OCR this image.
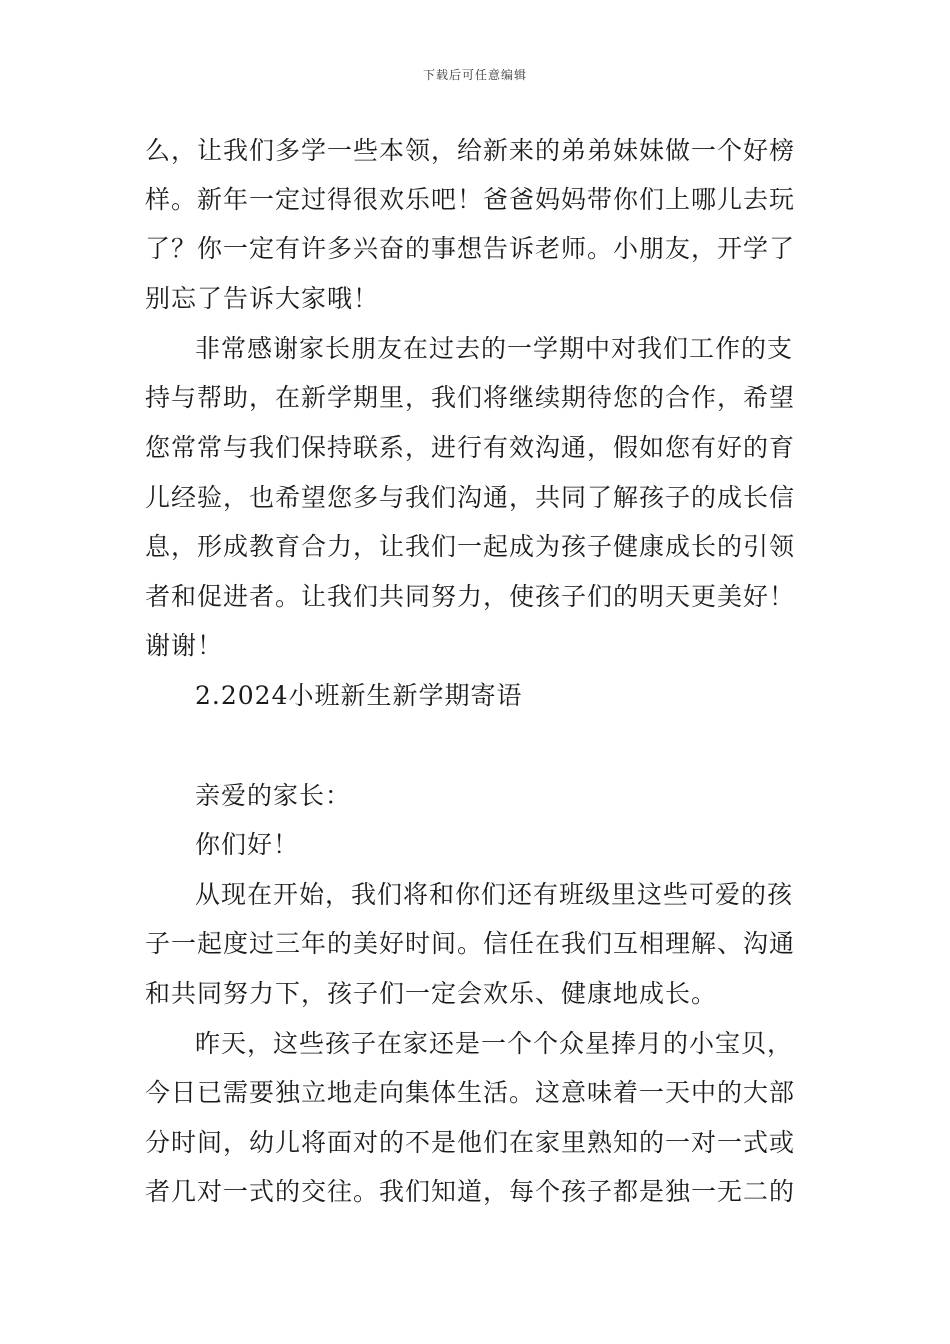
下载后可任意编辑
么，让我们多学一些本领，给新来的弟弟妹妹做一个好榜
样。新年一定过得很欢乐吧！爸爸妈妈带你们上哪儿去玩
了？你一定有许多兴奋的事想告诉老师。小朋友，开学了
别忘了告诉大家哦！
非常感谢家长朋友在过去的一学期中对我们工作的支
持与帮助，在新学期里，我们将继续期待您的合作，希望
您常常与我们保持联系，进行有效沟通，假如您有好的育
儿经验，也希望您多与我们沟通，共同了解孩子的成长信
息，形成教育合力，让我们一起成为孩子健康成长的引领
者和促进者。让我们共同努力，使孩子们的明天更美好！
谢谢！
2.2024小班新生新学期寄语
亲爱的家长：
你们好！
从现在开始，我们将和你们还有班级里这些可爱的孩
子一起度过三年的美好时间。信任在我们互相理解、沟通
和共同努力下，孩子们一定会欢乐、健康地成长。
昨天，这些孩子在家还是一个个众星捧月的小宝贝，
今日已需要独立地走向集体生活。这意味着一天中的大部
分时间，幼儿将面对的不是他们在家里熟知的一对一式或
者几对一式的交往。我们知道，每个孩子都是独一无二的
